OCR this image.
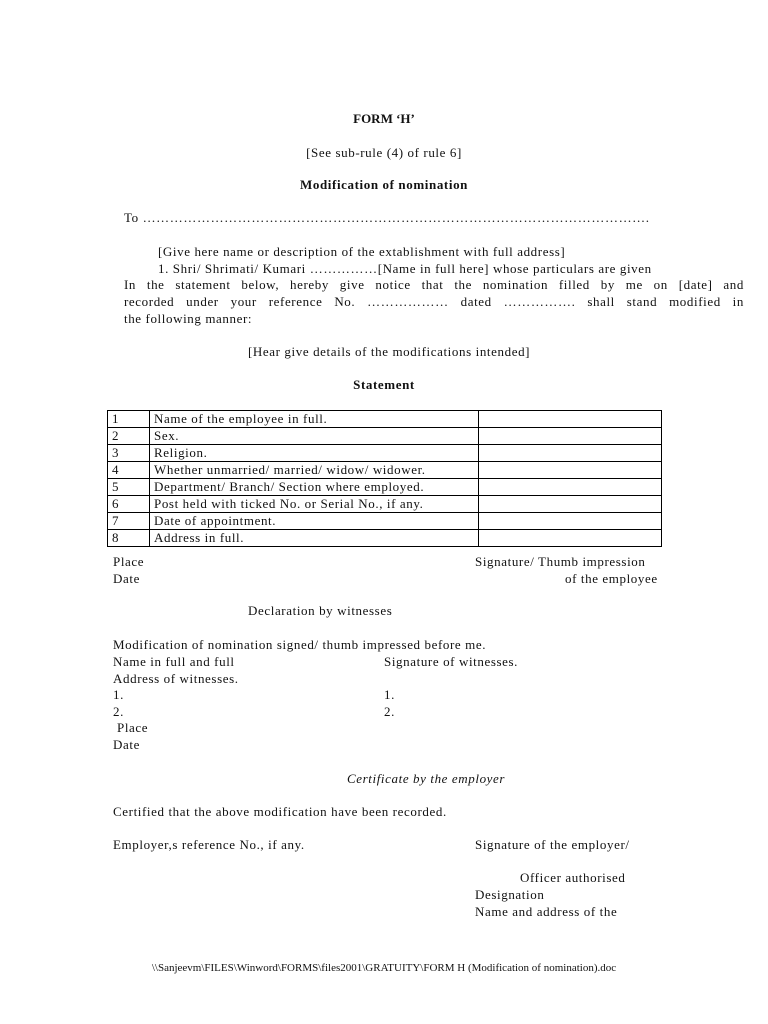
FORM ‘H’
[See sub-rule (4) of rule 6]
Modification of nomination
To ………………………………………………………………………………………………….
[Give here name or description of the extablishment with full address]
1. Shri/ Shrimati/ Kumari ……………[Name in full here] whose particulars are given
In the statement below, hereby give notice that the nomination filled by me on [date] and
recorded under your reference No. ……………… dated ……………. shall stand modified in
the following manner:
[Hear give details of the modifications intended]
Statement
1	Name of the employee in full.	
2	Sex.	
3	Religion.	
4	Whether unmarried/ married/ widow/ widower.	
5	Department/ Branch/ Section where employed.	
6	Post held with ticked No. or Serial No., if any.	
7	Date of appointment.	
8	Address in full.	
Place
Date
Signature/ Thumb impression
of the employee
Declaration by witnesses
Modification of nomination signed/ thumb impressed before me.
Name in full and full	Signature of witnesses.
Address of witnesses.
1.	1.
2.	2.
Place
Date
Certificate by the employer
Certified that the above modification have been recorded.
Employer,s reference No., if any.	Signature of the employer/
Officer authorised
Designation
Name and address of the
\\Sanjeevm\FILES\Winword\FORMS\files2001\GRATUITY\FORM H (Modification of nomination).doc
